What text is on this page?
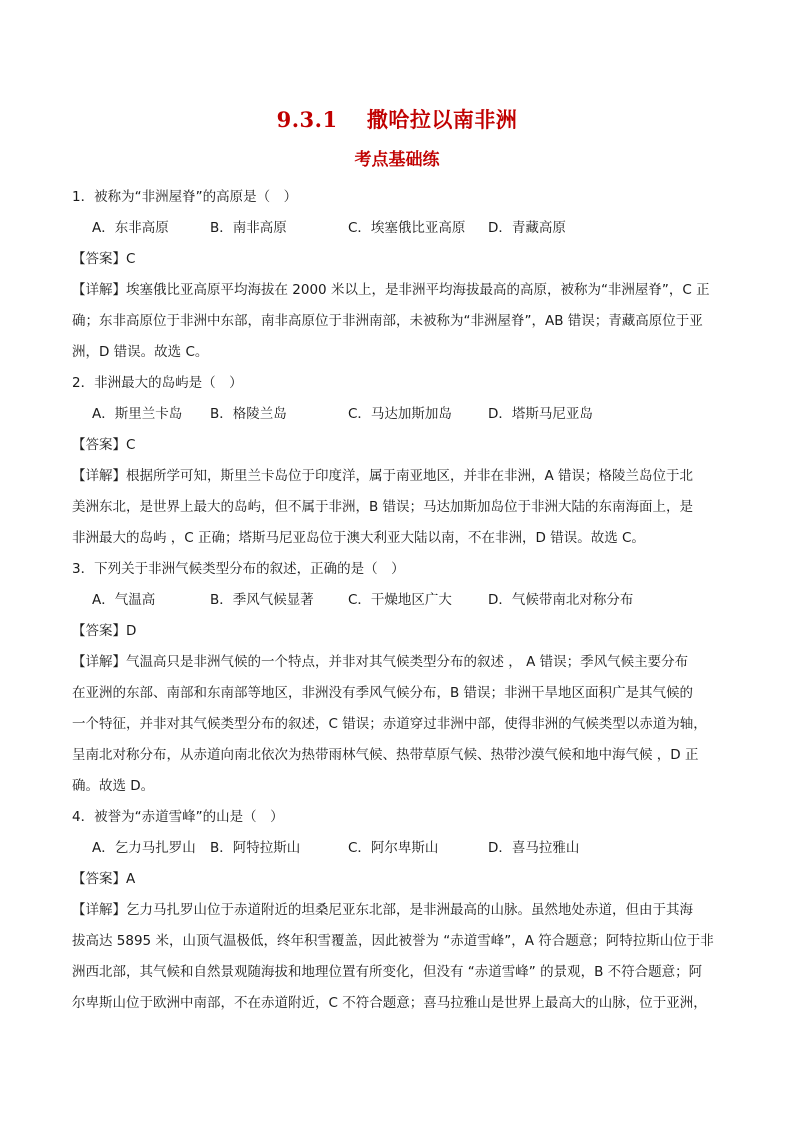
9.3.1　 撒哈拉以南非洲
考点基础练
1．被称为“非洲屋脊”的高原是（　）
A．东非高原	B．南非高原	C．埃塞俄比亚高原	D．青藏高原
【答案】C
【详解】埃塞俄比亚高原平均海拔在 2000 米以上，是非洲平均海拔最高的高原，被称为“非洲屋脊”，C 正
确；东非高原位于非洲中东部，南非高原位于非洲南部，未被称为“非洲屋脊”，AB 错误；青藏高原位于亚
洲，D 错误。故选 C。
2．非洲最大的岛屿是（　）
A．斯里兰卡岛	B．格陵兰岛	C．马达加斯加岛	D．塔斯马尼亚岛
【答案】C
【详解】根据所学可知，斯里兰卡岛位于印度洋，属于南亚地区，并非在非洲，A 错误；格陵兰岛位于北
美洲东北，是世界上最大的岛屿，但不属于非洲，B 错误；马达加斯加岛位于非洲大陆的东南海面上，是
非洲最大的岛屿 ，C 正确；塔斯马尼亚岛位于澳大利亚大陆以南，不在非洲，D 错误。故选 C。
3．下列关于非洲气候类型分布的叙述，正确的是（　）
A．气温高	B．季风气候显著	C．干燥地区广大	D．气候带南北对称分布
【答案】D
【详解】气温高只是非洲气候的一个特点，并非对其气候类型分布的叙述 ， A 错误；季风气候主要分布
在亚洲的东部、南部和东南部等地区，非洲没有季风气候分布，B 错误；非洲干旱地区面积广是其气候的
一个特征，并非对其气候类型分布的叙述，C 错误；赤道穿过非洲中部，使得非洲的气候类型以赤道为轴，
呈南北对称分布，从赤道向南北依次为热带雨林气候、热带草原气候、热带沙漠气候和地中海气候 ，D 正
确。故选 D。
4．被誉为“赤道雪峰”的山是（　）
A．乞力马扎罗山	B．阿特拉斯山	C．阿尔卑斯山	D．喜马拉雅山
【答案】A
【详解】乞力马扎罗山位于赤道附近的坦桑尼亚东北部，是非洲最高的山脉。虽然地处赤道，但由于其海
拔高达 5895 米，山顶气温极低，终年积雪覆盖，因此被誉为 “赤道雪峰”，A 符合题意；阿特拉斯山位于非
洲西北部，其气候和自然景观随海拔和地理位置有所变化，但没有 “赤道雪峰” 的景观，B 不符合题意；阿
尔卑斯山位于欧洲中南部，不在赤道附近，C 不符合题意；喜马拉雅山是世界上最高大的山脉，位于亚洲，
